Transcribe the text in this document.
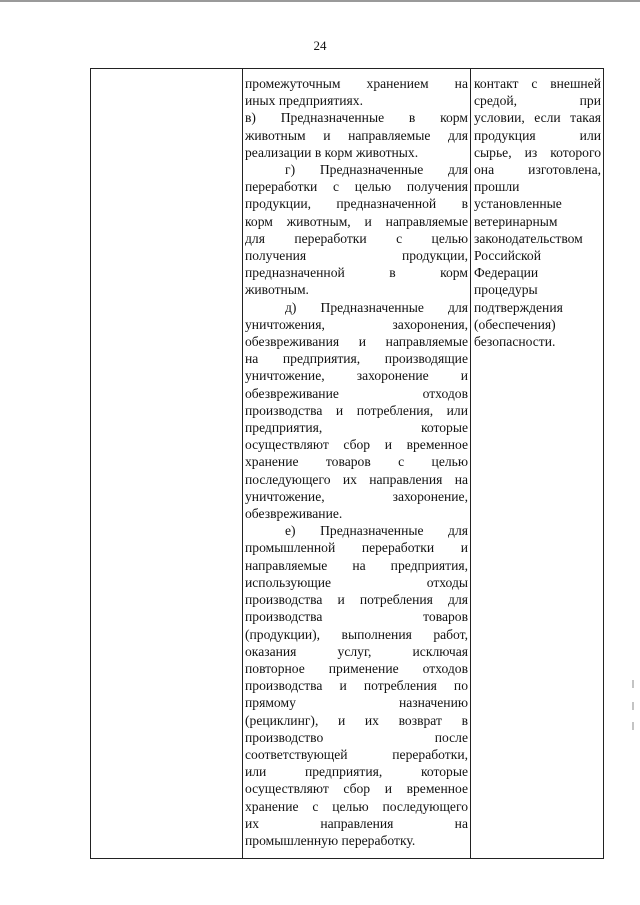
24
промежуточным хранением на
иных предприятиях.
в) Предназначенные в корм
животным и направляемые для
реализации в корм животных.
г) Предназначенные для
переработки с целью получения
продукции, предназначенной в
корм животным, и направляемые
для переработки с целью
получения продукции,
предназначенной в корм
животным.
д) Предназначенные для
уничтожения, захоронения,
обезвреживания и направляемые
на предприятия, производящие
уничтожение, захоронение и
обезвреживание отходов
производства и потребления, или
предприятия, которые
осуществляют сбор и временное
хранение товаров с целью
последующего их направления на
уничтожение, захоронение,
обезвреживание.
е) Предназначенные для
промышленной переработки и
направляемые на предприятия,
использующие отходы
производства и потребления для
производства товаров
(продукции), выполнения работ,
оказания услуг, исключая
повторное применение отходов
производства и потребления по
прямому назначению
(рециклинг), и их возврат в
производство после
соответствующей переработки,
или предприятия, которые
осуществляют сбор и временное
хранение с целью последующего
их направления на
промышленную переработку.
контакт с внешней
средой, при
условии, если такая
продукция или
сырье, из которого
она изготовлена,
прошли
установленные
ветеринарным
законодательством
Российской
Федерации
процедуры
подтверждения
(обеспечения)
безопасности.
